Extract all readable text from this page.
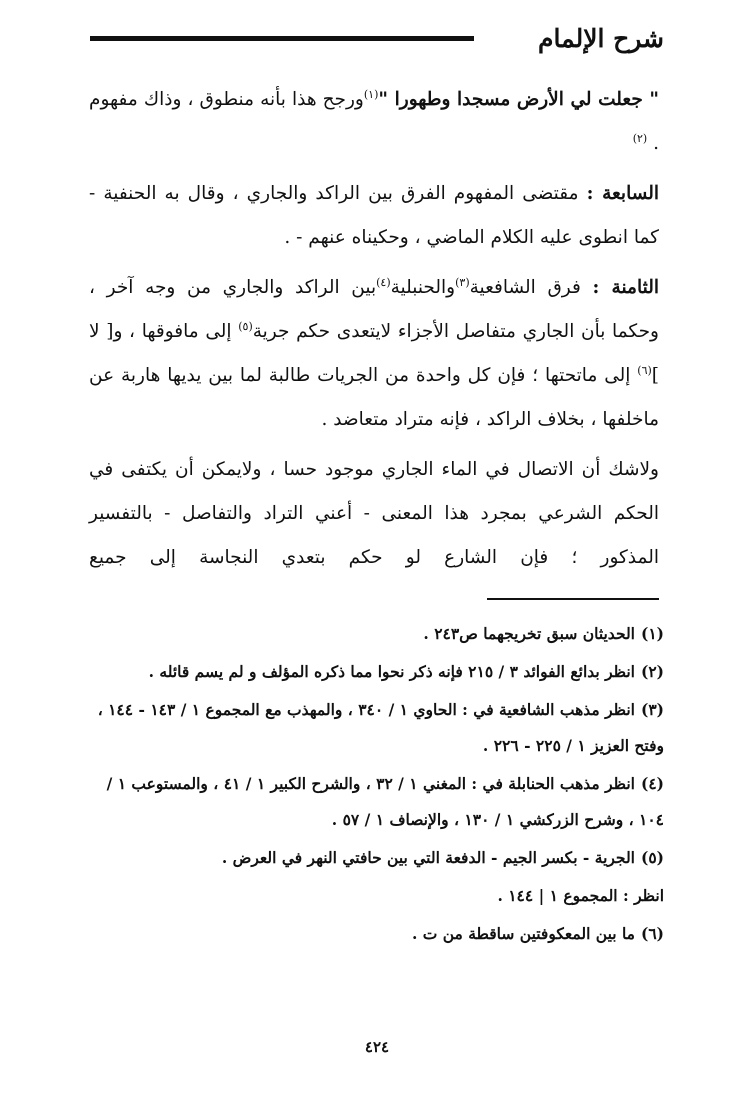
شرح الإلمام

" جعلت لي الأرض مسجدا وطهورا "$^{(١)}$ورجح هذا بأنه منطوق ، وذاك مفهوم . $^{(٢)}$

السابعة : مقتضى المفهوم الفرق بين الراكد والجاري ، وقال به الحنفية - كما انطوى عليه الكلام الماضي ، وحكيناه عنهم - .

الثامنة : فرق الشافعية$^{(٣)}$والحنبلية$^{(٤)}$بين الراكد والجاري من وجه آخر ، وحكما بأن الجاري متفاصل الأجزاء لايتعدى حكم جرية$^{(٥)}$ إلى مافوقها ، و[ لا ]$^{(٦)}$ إلى ماتحتها ؛ فإن كل واحدة من الجريات طالبة لما بين يديها هاربة عن ماخلفها ، بخلاف الراكد ، فإنه متراد متعاضد .

ولاشك أن الاتصال في الماء الجاري موجود حسا ، ولايمكن أن يكتفى في الحكم الشرعي بمجرد هذا المعنى - أعني التراد والتفاصل - بالتفسير المذكور ؛ فإن الشارع لو حكم بتعدي النجاسة إلى جميع

(١)الحديثان سبق تخريجهما ص٢٤٣ .

(٢)انظر بدائع الفوائد ٣ / ٢١٥ فإنه ذكر نحوا مما ذكره المؤلف و لم يسم قائله .

(٣)انظر مذهب الشافعية في : الحاوي ١ / ٣٤٠ ، والمهذب مع المجموع ١ / ١٤٣ - ١٤٤ ، وفتح العزيز ١ / ٢٢٥ - ٢٢٦ .

(٤)انظر مذهب الحنابلة في : المغني ١ / ٣٢ ، والشرح الكبير ١ / ٤١ ، والمستوعب ١ / ١٠٤ ، وشرح الزركشي ١ / ١٣٠ ، والإنصاف ١ / ٥٧ .

(٥)الجرية - بكسر الجيم - الدفعة التي بين حافتي النهر في العرض .

انظر : المجموع ١ | ١٤٤ .

(٦)ما بين المعكوفتين ساقطة من ت .

٤٢٤
